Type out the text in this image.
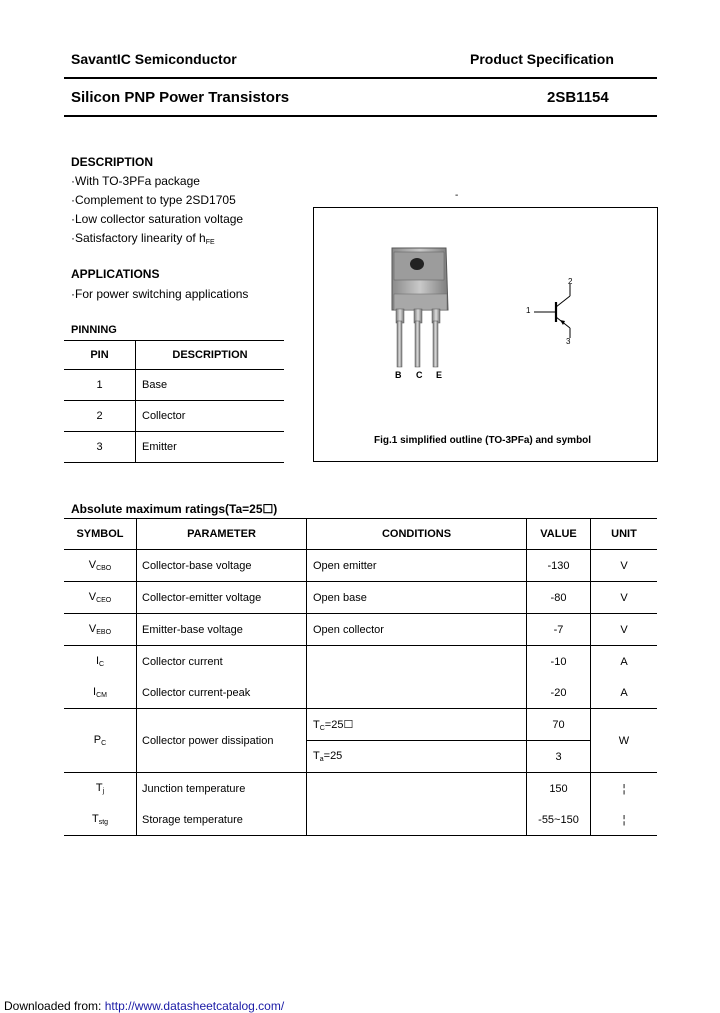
SavantIC Semiconductor	Product Specification
Silicon PNP Power Transistors	2SB1154
DESCRIPTION
·With TO-3PFa package
·Complement to type 2SD1705
·Low collector saturation voltage
·Satisfactory linearity of $h_{FE}$
APPLICATIONS
·For power switching applications
PINNING
PIN	DESCRIPTION
1	Base
2	Collector
3	Emitter
-
B C E
1
2
3
Fig.1 simplified outline (TO-3PFa) and symbol
Absolute maximum ratings(Ta=25☐)
SYMBOL	PARAMETER	CONDITIONS	VALUE	UNIT
$V_{CBO}$	Collector-base voltage	Open emitter	-130	V
$V_{CEO}$	Collector-emitter voltage	Open base	-80	V
$V_{EBO}$	Emitter-base voltage	Open collector	-7	V
$I_C$	Collector current		-10	A
$I_{CM}$	Collector current-peak		-20	A
$P_C$	Collector power dissipation	$T_C=25☐$	70	W
		$T_a=25$	3	
$T_j$	Junction temperature		150	¦
$T_{stg}$	Storage temperature		-55~150	¦
Downloaded from: http://www.datasheetcatalog.com/
